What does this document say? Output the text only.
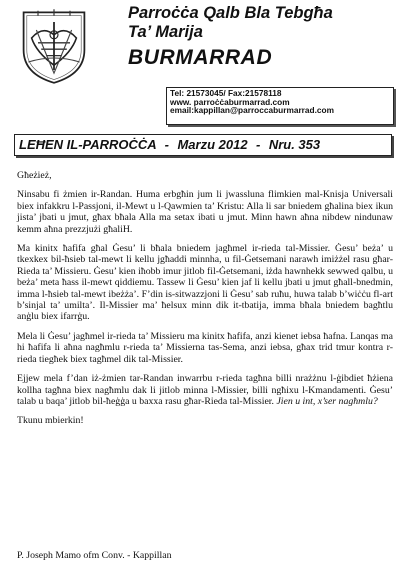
Parroċċa Qalb Bla Tebgħa
Ta’ Marija
BURMARRAD
Tel: 21573045/ Fax:21578118
www. parroċċaburmarrad.com
email:kappillan@parroccaburmarrad.com
LEĦEN IL-PARROĊĊA - Marzu 2012 - Nru. 353

Għeżież,

Ninsabu fi żmien ir-Randan. Huma erbgħin jum li jwassluna flimkien mal-Knisja Universali biex infakkru l-Passjoni, il-Mewt u l-Qawmien ta’ Kristu: Alla li sar bniedem għalina biex ikun jista’ jbati u jmut, għax bħala Alla ma setax ibati u jmut. Minn hawn aħna nibdew nindunaw kemm aħna prezzjużi għaliH.

Ma kinitx ħafifa għal Ġesu’ li bħala bniedem jagħmel ir-rieda tal-Missier. Ġesu’ beża’ u tkexkex bil-ħsieb tal-mewt li kellu jgħaddi minnha, u fil-Ġetsemani narawh imiżżel rasu għar-Rieda ta’ Missieru. Ġesu’ kien iħobb imur jitlob fil-Ġetsemani, iżda hawnhekk sewwed qalbu, u beża’ meta ħass il-mewt qiddiemu. Tassew li Ġesu’ kien jaf li kellu jbati u jmut għall-bnedmin, imma l-ħsieb tal-mewt ibeżża’. F’din is-sitwazzjoni li Ġesu’ sab ruħu, huwa talab b’wiċċu fl-art b’sinjal ta’ umilta’. Il-Missier ma’ ħelsux minn dik it-tbatija, imma bħala bniedem bagħtlu anġlu biex ifarrġu.

Mela li Ġesu’ jagħmel ir-rieda ta’ Missieru ma kinitx ħafifa, anzi kienet iebsa ħafna. Lanqas ma hi ħafifa li aħna nagħmlu r-rieda ta’ Missierna tas-Sema, anzi iebsa, għax trid tmur kontra r-rieda tiegħek biex tagħmel dik tal-Missier.

Ejjew mela f’dan iż-żmien tar-Randan inwarrbu r-rieda tagħna billi nrażżnu l-ġibdiet ħżiena kollha tagħna biex nagħmlu dak li jitlob minna l-Missier, billi ngħixu l-Kmandamenti. Ġesu’ talab u baqa’ jitlob bil-ħeġġa u baxxa rasu għar-Rieda tal-Missier. Jien u int, x’ser nagħmlu?

Tkunu mbierkin!

P. Joseph Mamo ofm Conv. - Kappillan
